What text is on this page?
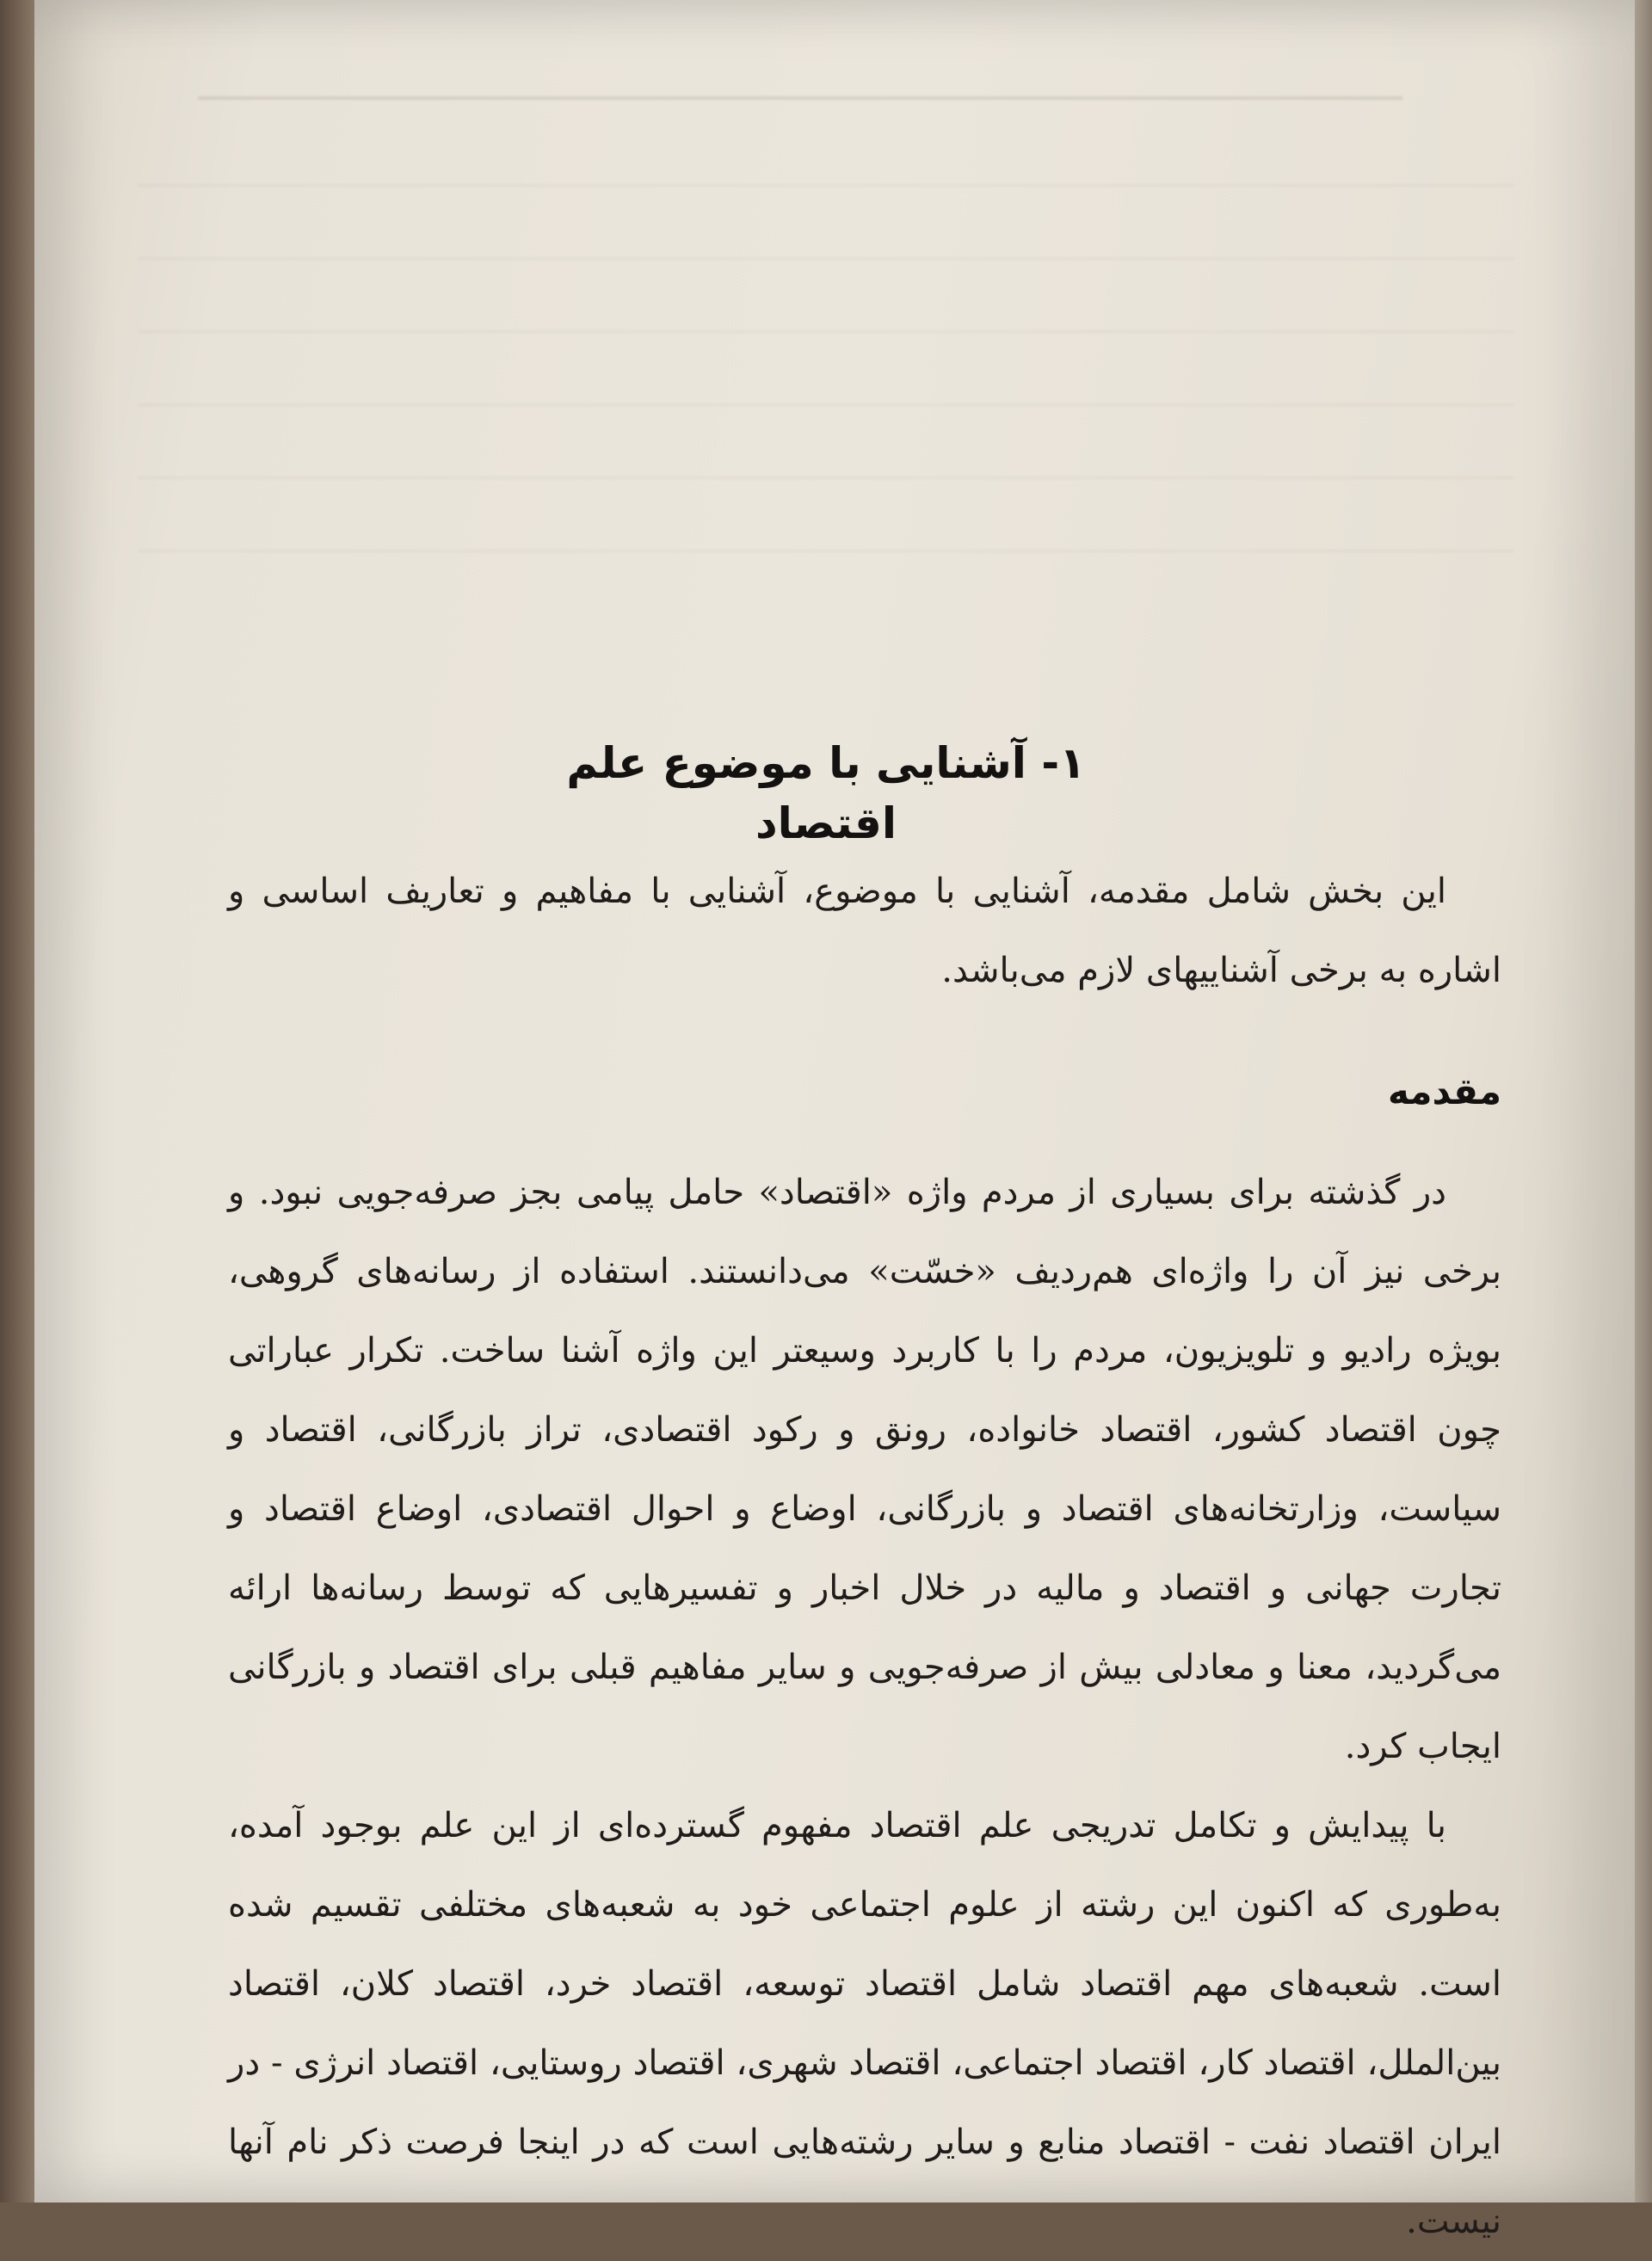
۱- آشنایی با موضوع علم اقتصاد

این بخش شامل مقدمه، آشنایی با موضوع، آشنایی با مفاهیم و تعاریف اساسی و اشاره به برخی آشناییهای لازم می‌باشد.

مقدمه

در گذشته برای بسیاری از مردم واژه «اقتصاد» حامل پیامی بجز صرفه‌جویی نبود. و برخی نیز آن را واژه‌ای هم‌ردیف «خسّت» می‌دانستند. استفاده از رسانه‌های گروهی، بویژه رادیو و تلویزیون، مردم را با کاربرد وسیعتر این واژه آشنا ساخت. تکرار عباراتی چون اقتصاد کشور، اقتصاد خانواده، رونق و رکود اقتصادی، تراز بازرگانی، اقتصاد و سیاست، وزارتخانه‌های اقتصاد و بازرگانی، اوضاع و احوال اقتصادی، اوضاع اقتصاد و تجارت جهانی و اقتصاد و مالیه در خلال اخبار و تفسیرهایی که توسط رسانه‌ها ارائه می‌گردید، معنا و معادلی بیش از صرفه‌جویی و سایر مفاهیم قبلی برای اقتصاد و بازرگانی ایجاب کرد.

با پیدایش و تکامل تدریجی علم اقتصاد مفهوم گسترده‌ای از این علم بوجود آمده، به‌طوری که اکنون این رشته از علوم اجتماعی خود به شعبه‌های مختلفی تقسیم شده است. شعبه‌های مهم اقتصاد شامل اقتصاد توسعه، اقتصاد خرد، اقتصاد کلان، اقتصاد بین‌الملل، اقتصاد کار، اقتصاد اجتماعی، اقتصاد شهری، اقتصاد روستایی، اقتصاد انرژی - در ایران اقتصاد نفت - اقتصاد منابع و سایر رشته‌هایی است که در اینجا فرصت ذکر نام آنها نیست.
